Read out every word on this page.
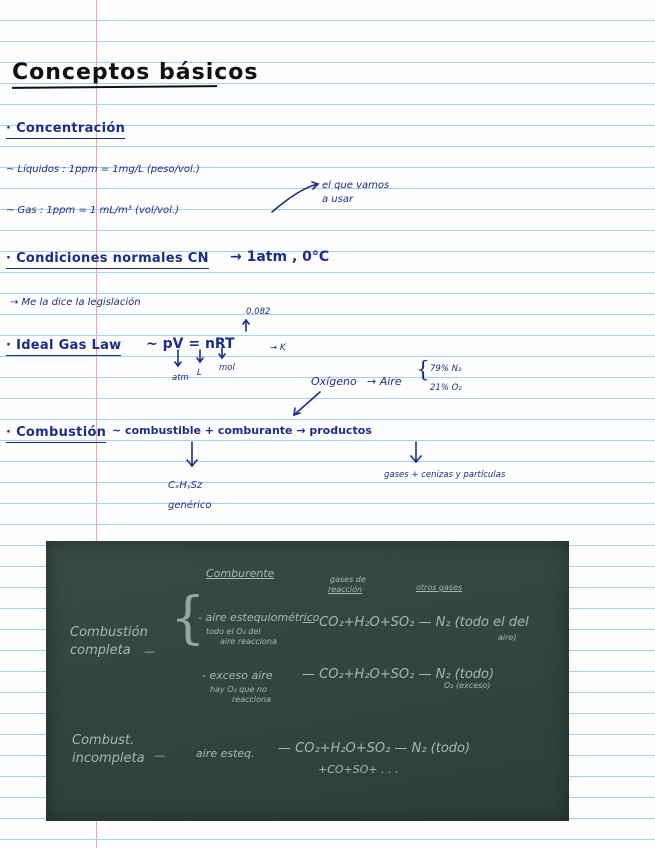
Conceptos básicos
· Concentración
~ Líquidos : 1ppm = 1mg/L (peso/vol.)
~ Gas : 1ppm = 1 mL/m³ (vol/vol.)
el que vamos
a usar
· Condiciones normales CN → 1atm , 0°C
→ Me la dice la legislación
0.082
· Ideal Gas Law ~ pV = nRT	→ K
atm L mol
Oxígeno → Aire { 79% N₂
21% O₂
· Combustión ~ combustible + comburante → productos
CₓHᵧSz
genérico
gases + cenizas y partículas
Comburente	gases de
reacción	otros gases
Combustión
completa —
{
- aire estequiométrico
todo el O₂ del
aire reacciona
— CO₂+H₂O+SO₂ — N₂ (todo el del
aire)
- exceso aire
hay O₂ que no
reacciona
— CO₂+H₂O+SO₂ — N₂ (todo)
O₂ (exceso)
Combust.
incompleta —	aire esteq. — CO₂+H₂O+SO₂ — N₂ (todo)
+CO+SO+ . . .
